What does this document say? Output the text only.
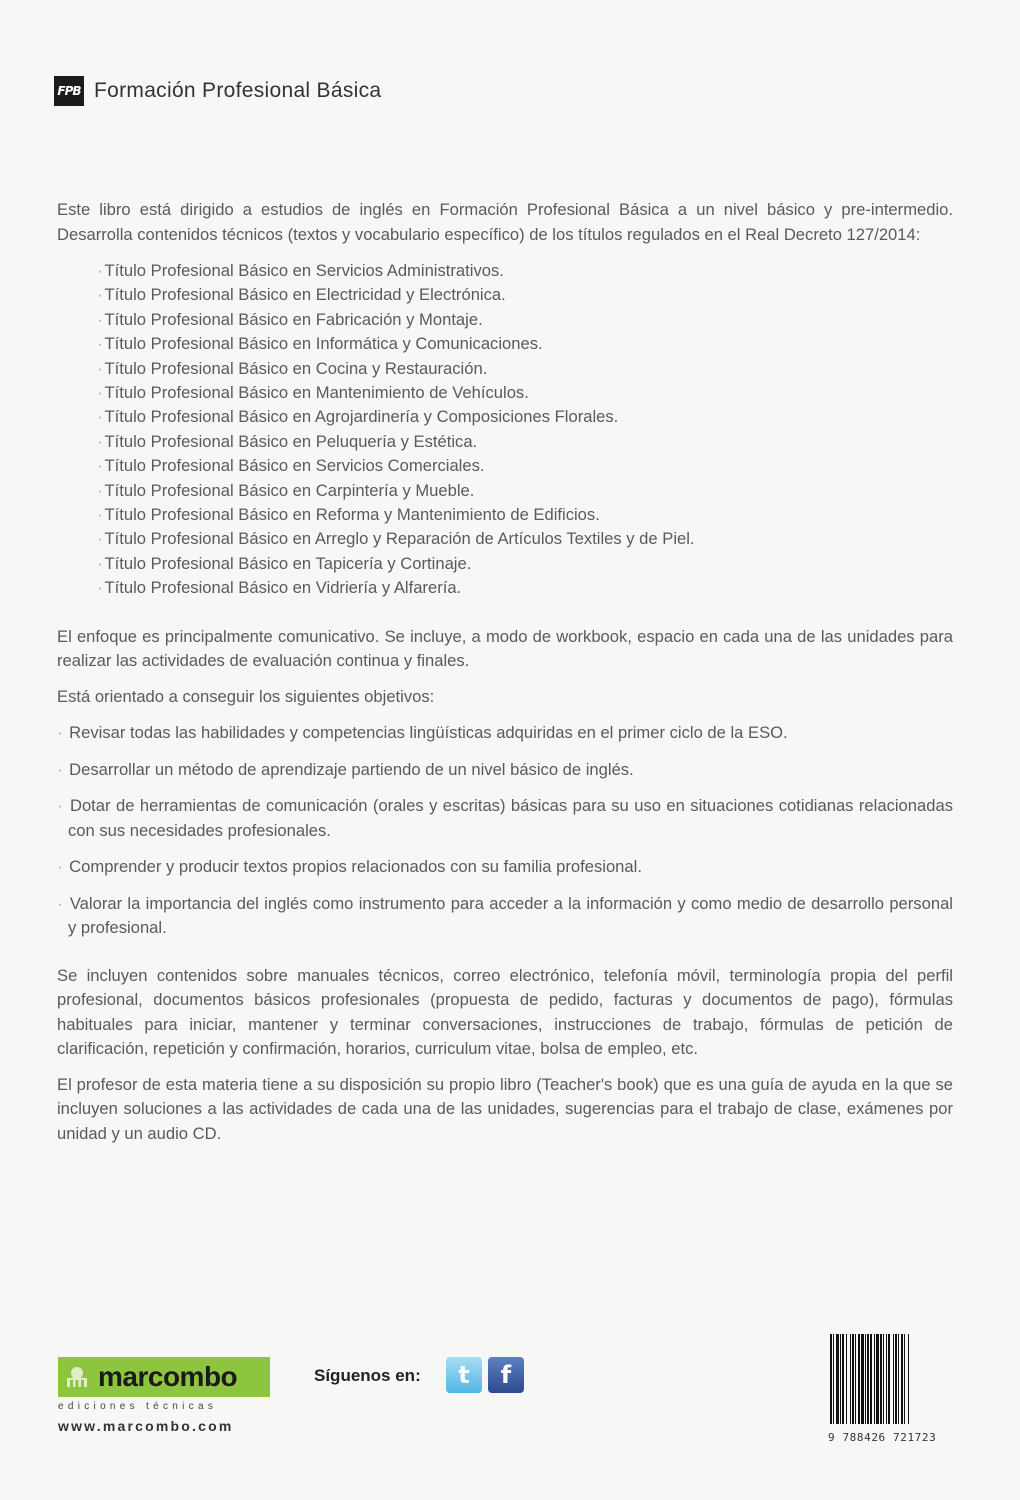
FPB Formación Profesional Básica

Este libro está dirigido a estudios de inglés en Formación Profesional Básica a un nivel básico y pre-intermedio. Desarrolla contenidos técnicos (textos y vocabulario específico) de los títulos regulados en el Real Decreto 127/2014:

· Título Profesional Básico en Servicios Administrativos.
· Título Profesional Básico en Electricidad y Electrónica.
· Título Profesional Básico en Fabricación y Montaje.
· Título Profesional Básico en Informática y Comunicaciones.
· Título Profesional Básico en Cocina y Restauración.
· Título Profesional Básico en Mantenimiento de Vehículos.
· Título Profesional Básico en Agrojardinería y Composiciones Florales.
· Título Profesional Básico en Peluquería y Estética.
· Título Profesional Básico en Servicios Comerciales.
· Título Profesional Básico en Carpintería y Mueble.
· Título Profesional Básico en Reforma y Mantenimiento de Edificios.
· Título Profesional Básico en Arreglo y Reparación de Artículos Textiles y de Piel.
· Título Profesional Básico en Tapicería y Cortinaje.
· Título Profesional Básico en Vidriería y Alfarería.

El enfoque es principalmente comunicativo. Se incluye, a modo de workbook, espacio en cada una de las unidades para realizar las actividades de evaluación continua y finales.

Está orientado a conseguir los siguientes objetivos:

· Revisar todas las habilidades y competencias lingüísticas adquiridas en el primer ciclo de la ESO.
· Desarrollar un método de aprendizaje partiendo de un nivel básico de inglés.
· Dotar de herramientas de comunicación (orales y escritas) básicas para su uso en situaciones cotidianas relacionadas con sus necesidades profesionales.
· Comprender y producir textos propios relacionados con su familia profesional.
· Valorar la importancia del inglés como instrumento para acceder a la información y como medio de desarrollo personal y profesional.

Se incluyen contenidos sobre manuales técnicos, correo electrónico, telefonía móvil, terminología propia del perfil profesional, documentos básicos profesionales (propuesta de pedido, facturas y documentos de pago), fórmulas habituales para iniciar, mantener y terminar conversaciones, instrucciones de trabajo, fórmulas de petición de clarificación, repetición y confirmación, horarios, curriculum vitae, bolsa de empleo, etc.

El profesor de esta materia tiene a su disposición su propio libro (Teacher's book) que es una guía de ayuda en la que se incluyen soluciones a las actividades de cada una de las unidades, sugerencias para el trabajo de clase, exámenes por unidad y un audio CD.

marcombo
ediciones técnicas
www.marcombo.com
Síguenos en:	t	f
9 788426 721723
